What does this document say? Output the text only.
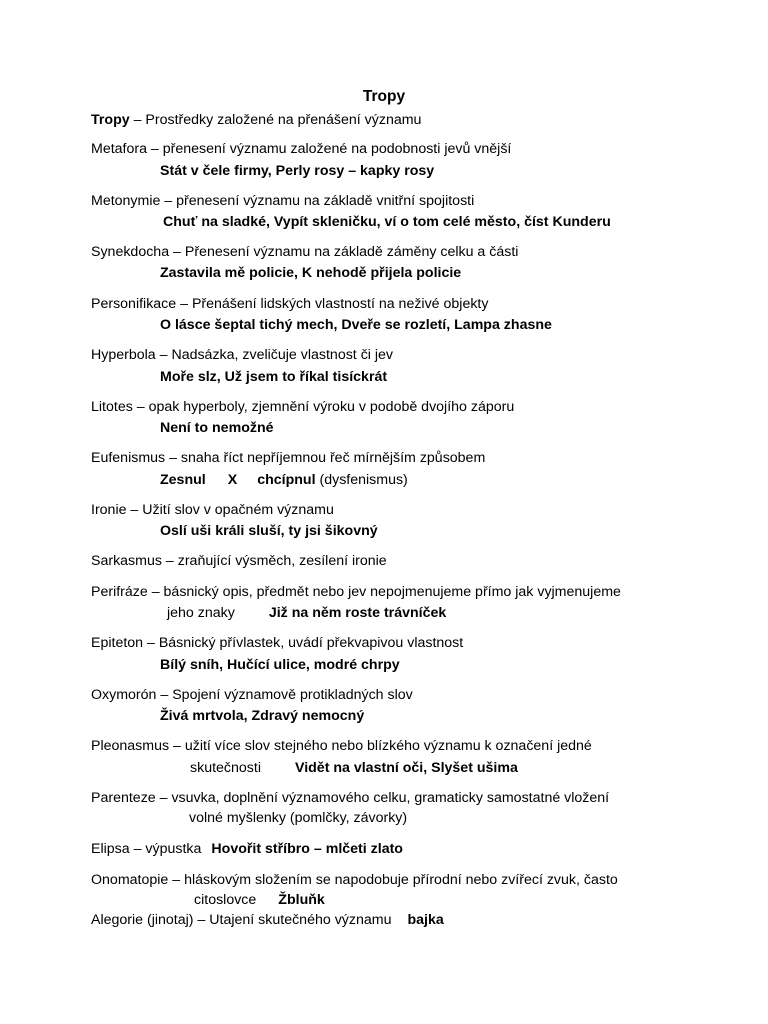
Tropy
Tropy – Prostředky založené na přenášení významu
Metafora – přenesení významu založené na podobnosti jevů vnější
Stát v čele firmy, Perly rosy – kapky rosy
Metonymie – přenesení významu na základě vnitřní spojitosti
Chuť na sladké, Vypít skleničku, ví o tom celé město, číst Kunderu
Synekdocha – Přenesení významu na základě záměny celku a části
Zastavila mě policie, K nehodě přijela policie
Personifikace – Přenášení lidských vlastností na neživé objekty
O lásce šeptal tichý mech, Dveře se rozletí, Lampa zhasne
Hyperbola – Nadsázka, zveličuje vlastnost či jev
Moře slz, Už jsem to říkal tisíckrát
Litotes – opak hyperboly, zjemnění výroku v podobě dvojího záporu
Není to nemožné
Eufenismus – snaha říct nepříjemnou řeč mírnějším způsobem
Zesnul X chcípnul (dysfenismus)
Ironie – Užití slov v opačném významu
Oslí uši králi sluší, ty jsi šikovný
Sarkasmus – zraňující výsměch, zesílení ironie
Perifráze – básnický opis, předmět nebo jev nepojmenujeme přímo jak vyjmenujeme
jeho znaky Již na něm roste trávníček
Epiteton – Básnický přívlastek, uvádí překvapivou vlastnost
Bílý sníh, Hučící ulice, modré chrpy
Oxymorón – Spojení významově protikladných slov
Živá mrtvola, Zdravý nemocný
Pleonasmus – užití více slov stejného nebo blízkého významu k označení jedné
skutečnosti Vidět na vlastní oči, Slyšet ušima
Parenteze – vsuvka, doplnění významového celku, gramaticky samostatné vložení
volné myšlenky (pomlčky, závorky)
Elipsa – výpustka Hovořit stříbro – mlčeti zlato
Onomatopie – hláskovým složením se napodobuje přírodní nebo zvířecí zvuk, často
citoslovce Žbluňk
Alegorie (jinotaj) – Utajení skutečného významu bajka
